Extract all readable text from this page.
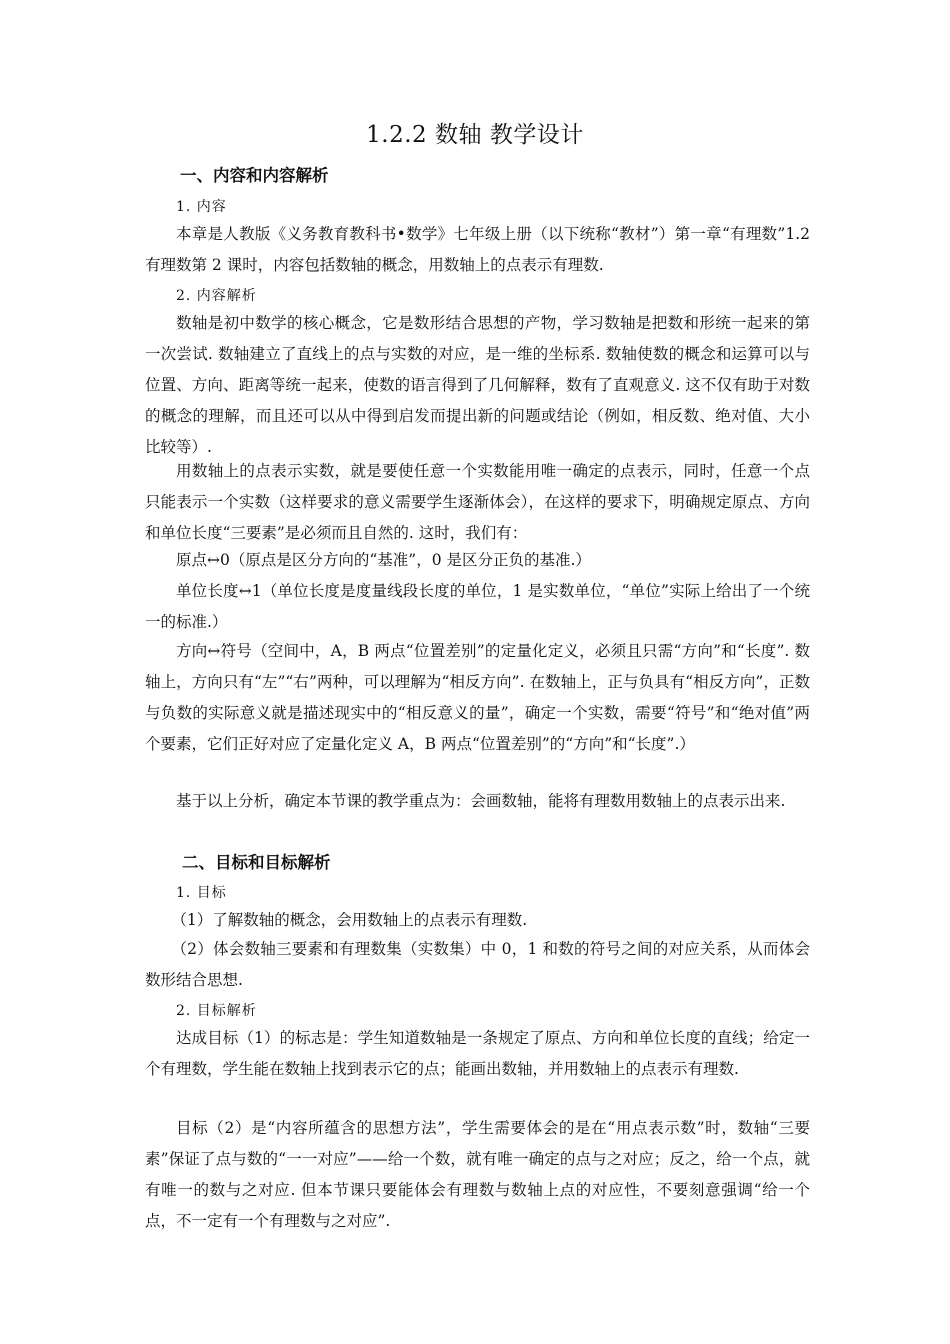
1.2.2 数轴 教学设计
一、内容和内容解析
1. 内容
本章是人教版《义务教育教科书•数学》七年级上册（以下统称“教材”）第一章“有理数”1.2 有理数第 2 课时，内容包括数轴的概念，用数轴上的点表示有理数.
2. 内容解析
数轴是初中数学的核心概念，它是数形结合思想的产物，学习数轴是把数和形统一起来的第一次尝试. 数轴建立了直线上的点与实数的对应，是一维的坐标系. 数轴使数的概念和运算可以与位置、方向、距离等统一起来，使数的语言得到了几何解释，数有了直观意义. 这不仅有助于对数的概念的理解，而且还可以从中得到启发而提出新的问题或结论（例如，相反数、绝对值、大小比较等）.
用数轴上的点表示实数，就是要使任意一个实数能用唯一确定的点表示，同时，任意一个点只能表示一个实数（这样要求的意义需要学生逐渐体会），在这样的要求下，明确规定原点、方向和单位长度“三要素”是必须而且自然的. 这时，我们有：
原点↔0（原点是区分方向的“基准”，0 是区分正负的基准.）
单位长度↔1（单位长度是度量线段长度的单位，1 是实数单位，“单位”实际上给出了一个统一的标准.）
方向↔符号（空间中，A，B 两点“位置差别”的定量化定义，必须且只需“方向”和“长度”. 数轴上，方向只有“左”“右”两种，可以理解为“相反方向”. 在数轴上，正与负具有“相反方向”，正数与负数的实际意义就是描述现实中的“相反意义的量”，确定一个实数，需要“符号”和“绝对值”两个要素，它们正好对应了定量化定义 A，B 两点“位置差别”的“方向”和“长度”.）
基于以上分析，确定本节课的教学重点为：会画数轴，能将有理数用数轴上的点表示出来.
二、目标和目标解析
1. 目标
（1）了解数轴的概念，会用数轴上的点表示有理数.
（2）体会数轴三要素和有理数集（实数集）中 0，1 和数的符号之间的对应关系，从而体会数形结合思想.
2. 目标解析
达成目标（1）的标志是：学生知道数轴是一条规定了原点、方向和单位长度的直线；给定一个有理数，学生能在数轴上找到表示它的点；能画出数轴，并用数轴上的点表示有理数.
目标（2）是“内容所蕴含的思想方法”，学生需要体会的是在“用点表示数”时，数轴“三要素”保证了点与数的“一一对应”——给一个数，就有唯一确定的点与之对应；反之，给一个点，就有唯一的数与之对应. 但本节课只要能体会有理数与数轴上点的对应性，不要刻意强调“给一个点，不一定有一个有理数与之对应”.
